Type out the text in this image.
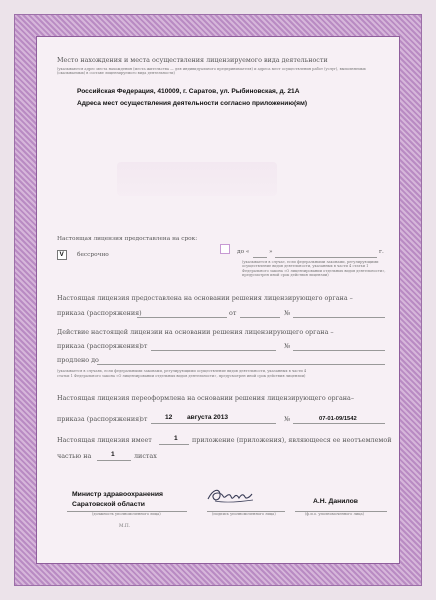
Место нахождения и места осуществления лицензируемого вида деятельности
(указываются адрес места нахождения (места жительства — для индивидуального предпринимателя) и адреса мест осуществления работ (услуг), выполняемых (оказываемых) в составе лицензируемого вида деятельности)
Российская Федерация, 410009, г. Саратов, ул. Рыбиновская, д. 21А
Адреса мест осуществления деятельности согласно приложению(ям)
Настоящая лицензия предоставлена на срок:
V бессрочно	до «	»	г.
(указывается в случае, если федеральными законами, регулирующими осуществление видов деятельности, указанных в части 4 статьи 1 Федерального закона «О лицензировании отдельных видов деятельности», предусмотрен иной срок действия лицензии)
Настоящая лицензия предоставлена на основании решения лицензирующего органа –
приказа (распоряжения)	от	№
Действие настоящей лицензии на основании решения лицензирующего органа –
приказа (распоряжения)
от	№
продлено до
(указывается в случаях, если федеральными законами, регулирующими осуществление видов деятельности, указанных в части 4 статьи 1 Федерального закона «О лицензировании отдельных видов деятельности», предусмотрен иной срок действия лицензии)
Настоящая лицензия переоформлена на основании решения лицензирующего органа–
приказа (распоряжения)
от	12 августа 2013	№	07-01-09/1542
Настоящая лицензия имеет	1 приложение (приложения), являющееся ее неотъемлемой
частью на	1	листах
Министр здравоохранения
Саратовской области
(должность уполномоченного лица)	(подпись уполномоченного лица)
А.Н. Данилов
(ф.и.о. уполномоченного лица)
М.П.
